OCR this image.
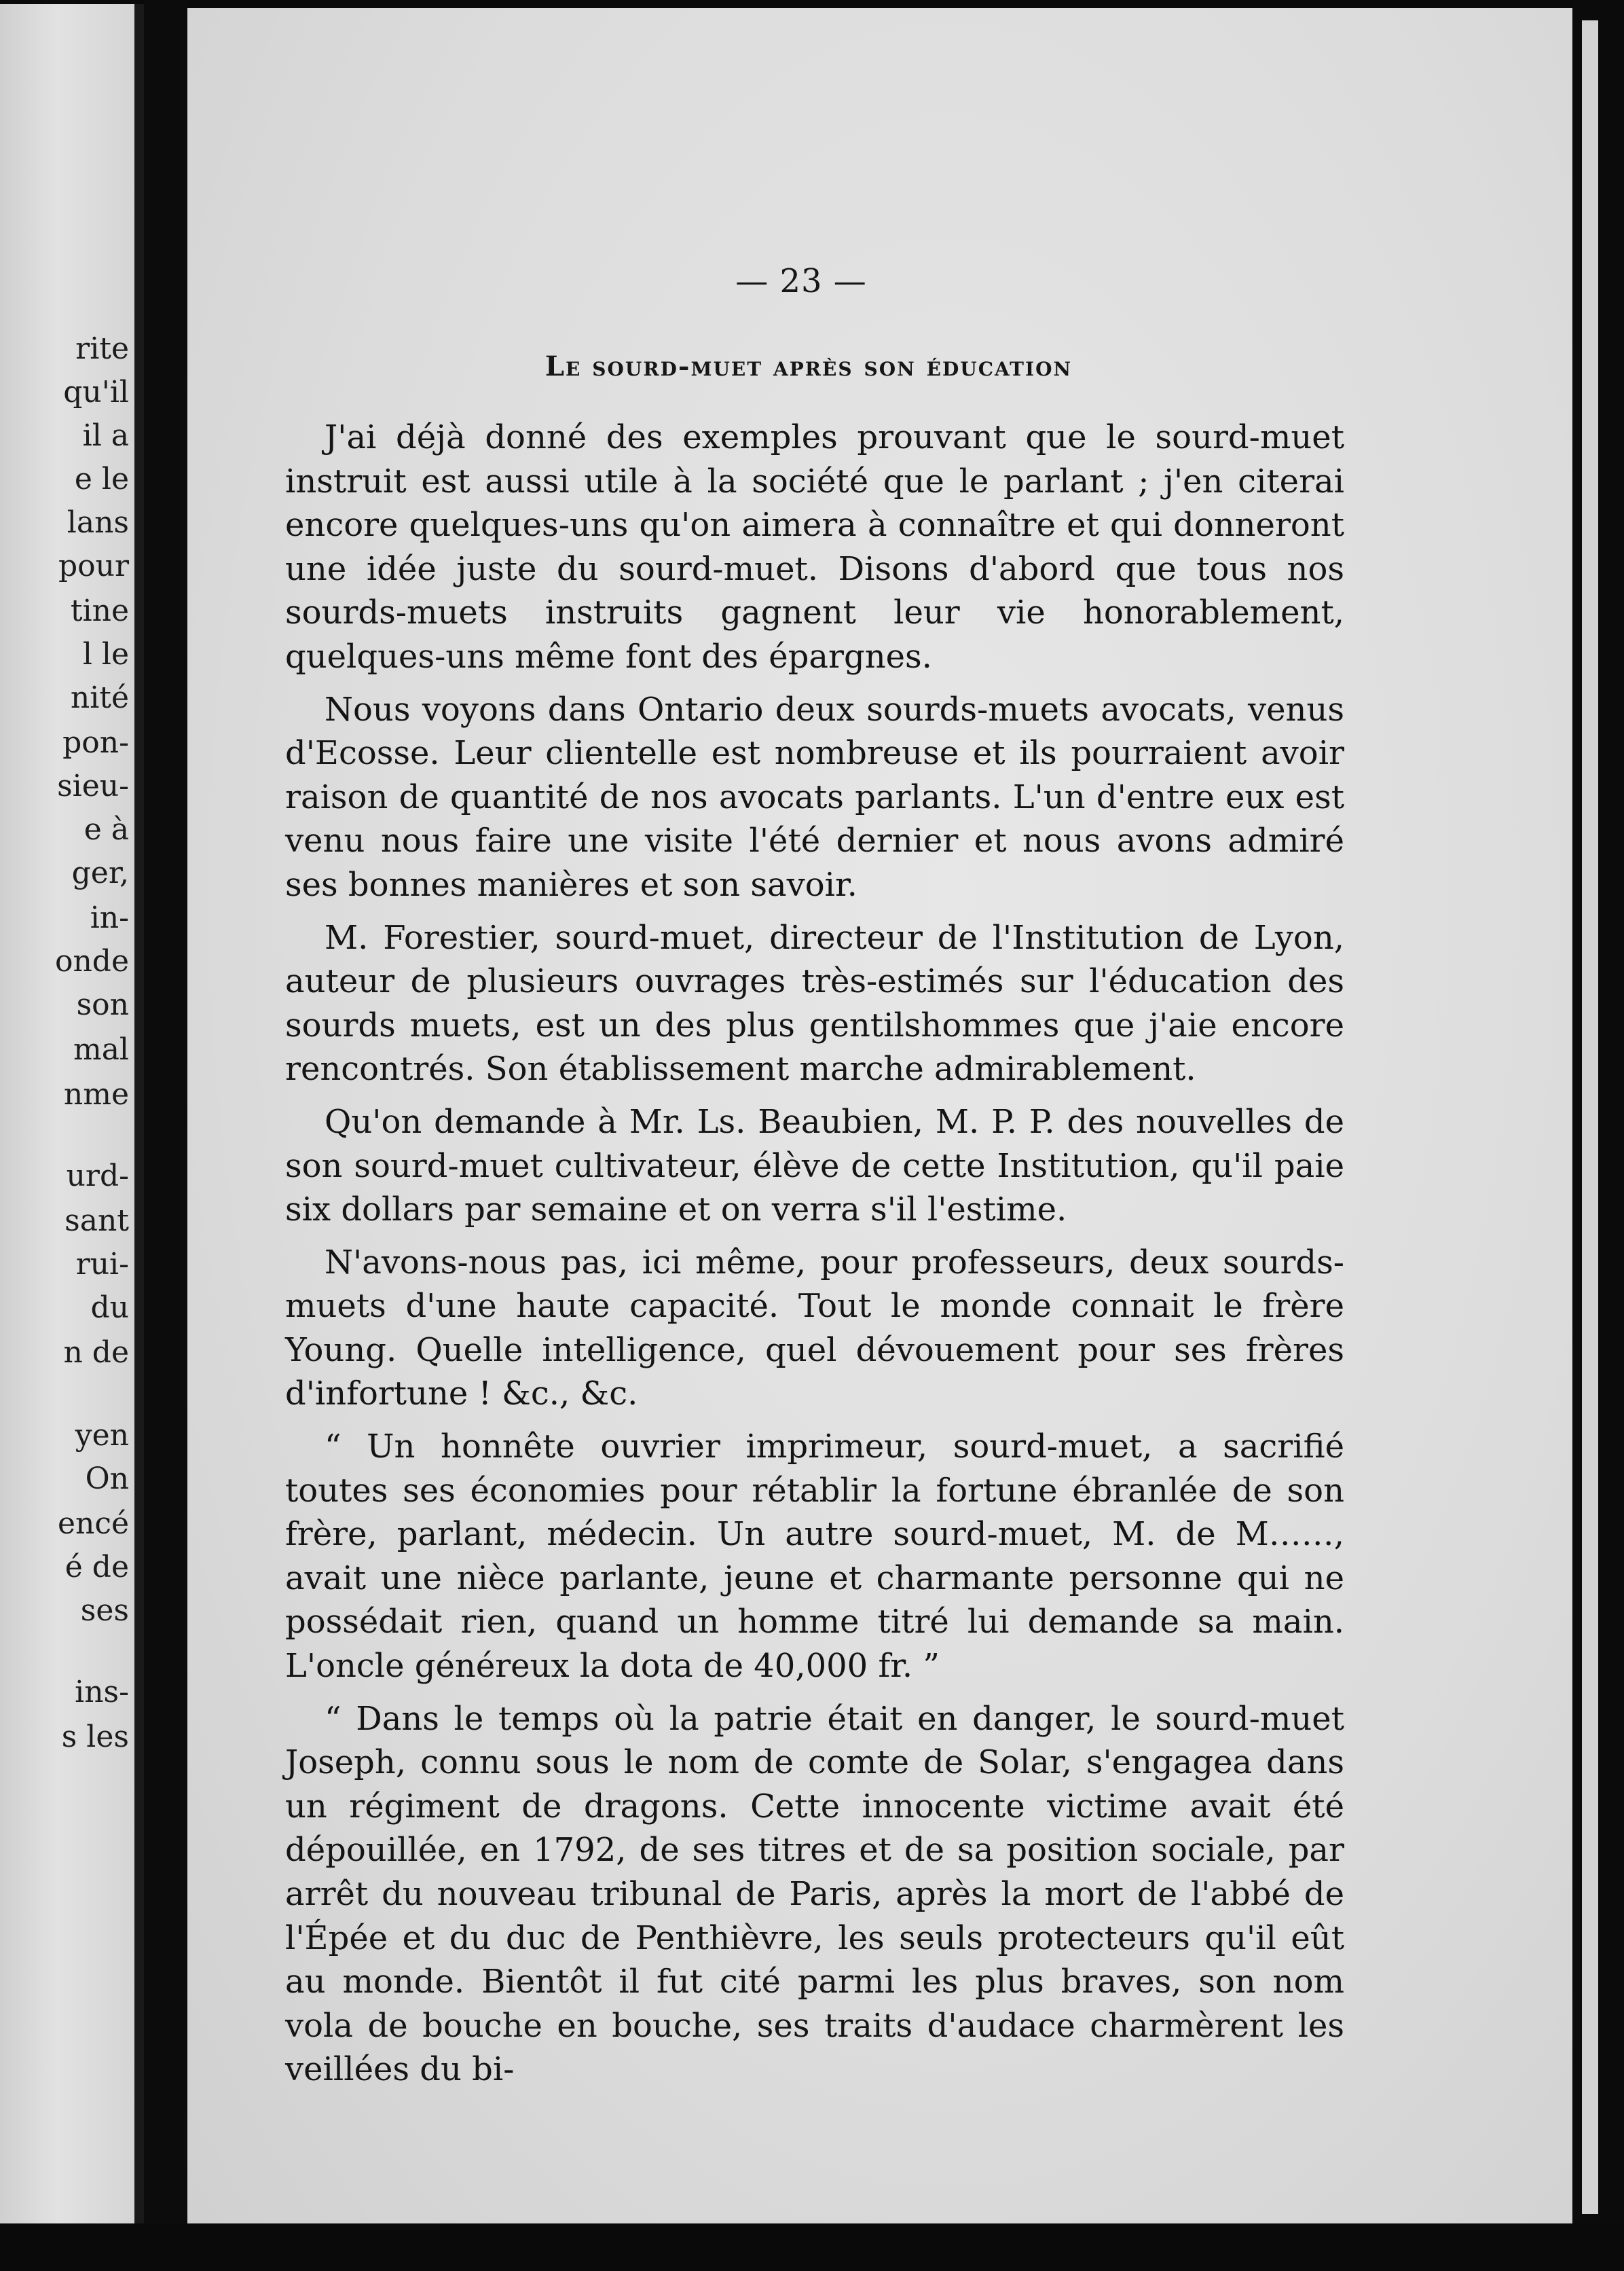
rite
qu'il
il a
e le
lans
pour
tine
l le
nité
pon-
sieu-
e à
ger,
in-
onde
son
mal
nme
urd-
sant
rui-
du
n de
yen
On
encé
é de
ses
ins-
s les
— 23 —
Le sourd-muet après son éducation

J'ai déjà donné des exemples prouvant que le sourd-muet instruit est aussi utile à la société que le parlant ; j'en citerai encore quelques-uns qu'on aimera à connaître et qui donneront une idée juste du sourd-muet. Disons d'abord que tous nos sourds-muets instruits gagnent leur vie honorablement, quelques-uns même font des épargnes.

Nous voyons dans Ontario deux sourds-muets avocats, venus d'Ecosse. Leur clientelle est nombreuse et ils pourraient avoir raison de quantité de nos avocats parlants. L'un d'entre eux est venu nous faire une visite l'été dernier et nous avons admiré ses bonnes manières et son savoir.

M. Forestier, sourd-muet, directeur de l'Institution de Lyon, auteur de plusieurs ouvrages très-estimés sur l'éducation des sourds muets, est un des plus gentilshommes que j'aie encore rencontrés. Son établissement marche admirablement.

Qu'on demande à Mr. Ls. Beaubien, M. P. P. des nouvelles de son sourd-muet cultivateur, élève de cette Institution, qu'il paie six dollars par semaine et on verra s'il l'estime.

N'avons-nous pas, ici même, pour professeurs, deux sourds-muets d'une haute capacité. Tout le monde connait le frère Young. Quelle intelligence, quel dévouement pour ses frères d'infortune ! &c., &c.

“ Un honnête ouvrier imprimeur, sourd-muet, a sacrifié toutes ses économies pour rétablir la fortune ébranlée de son frère, parlant, médecin. Un autre sourd-muet, M. de M……, avait une nièce parlante, jeune et charmante personne qui ne possédait rien, quand un homme titré lui demande sa main. L'oncle généreux la dota de 40,000 fr. ”

“ Dans le temps où la patrie était en danger, le sourd-muet Joseph, connu sous le nom de comte de Solar, s'engagea dans un régiment de dragons. Cette innocente victime avait été dépouillée, en 1792, de ses titres et de sa position sociale, par arrêt du nouveau tribunal de Paris, après la mort de l'abbé de l'Épée et du duc de Penthièvre, les seuls protecteurs qu'il eût au monde. Bientôt il fut cité parmi les plus braves, son nom vola de bouche en bouche, ses traits d'audace charmèrent les veillées du bi-
